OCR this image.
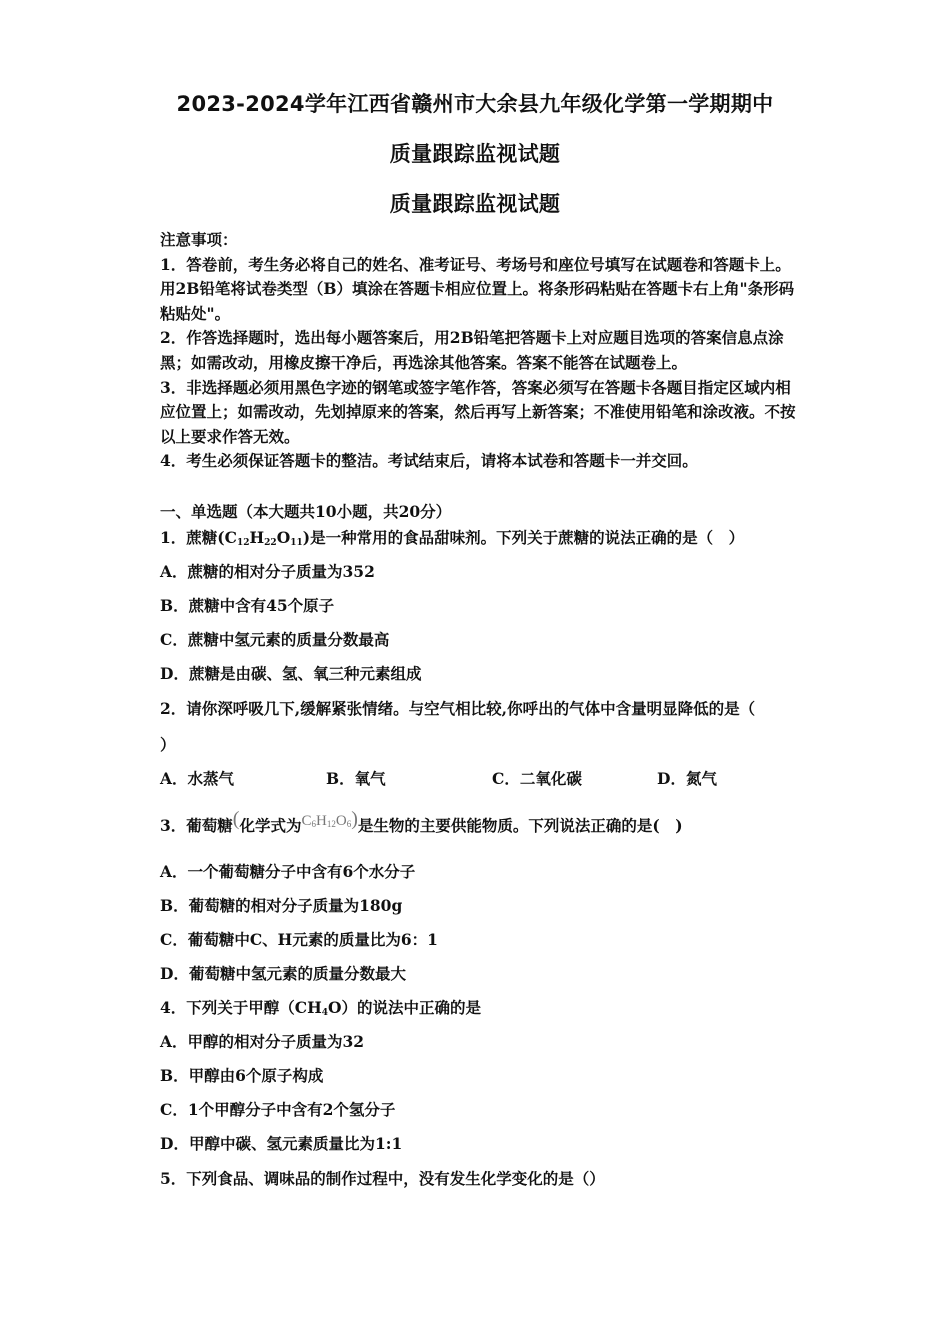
2023-2024学年江西省赣州市大余县九年级化学第一学期期中
质量跟踪监视试题
质量跟踪监视试题

注意事项：

1．答卷前，考生务必将自己的姓名、准考证号、考场号和座位号填写在试题卷和答题卡上。用2B铅笔将试卷类型（B）填涂在答题卡相应位置上。将条形码粘贴在答题卡右上角"条形码粘贴处"。

2．作答选择题时，选出每小题答案后，用2B铅笔把答题卡上对应题目选项的答案信息点涂黑；如需改动，用橡皮擦干净后，再选涂其他答案。答案不能答在试题卷上。

3．非选择题必须用黑色字迹的钢笔或签字笔作答，答案必须写在答题卡各题目指定区域内相应位置上；如需改动，先划掉原来的答案，然后再写上新答案；不准使用铅笔和涂改液。不按以上要求作答无效。

4．考生必须保证答题卡的整洁。考试结束后，请将本试卷和答题卡一并交回。

一、单选题（本大题共10小题，共20分）
1．蔗糖$(C_{12}H_{22}O_{11})$是一种常用的食品甜味剂。下列关于蔗糖的说法正确的是（　）
A．蔗糖的相对分子质量为352
B．蔗糖中含有45个原子
C．蔗糖中氢元素的质量分数最高
D．蔗糖是由碳、氢、氧三种元素组成
2．请你深呼吸几下,缓解紧张情绪。与空气相比较,你呼出的气体中含量明显降低的是（
）
A．水蒸气	B．氧气	C．二氧化碳	D．氮气
3．葡萄糖(化学式为$C_6H_{12}O_6$)是生物的主要供能物质。下列说法正确的是(　)
A．一个葡萄糖分子中含有6个水分子
B．葡萄糖的相对分子质量为180g
C．葡萄糖中C、H元素的质量比为6：1
D．葡萄糖中氢元素的质量分数最大
4．下列关于甲醇$(CH_4O)$的说法中正确的是
A．甲醇的相对分子质量为32
B．甲醇由6个原子构成
C．1个甲醇分子中含有2个氢分子
D．甲醇中碳、氢元素质量比为1:1
5．下列食品、调味品的制作过程中，没有发生化学变化的是（）
